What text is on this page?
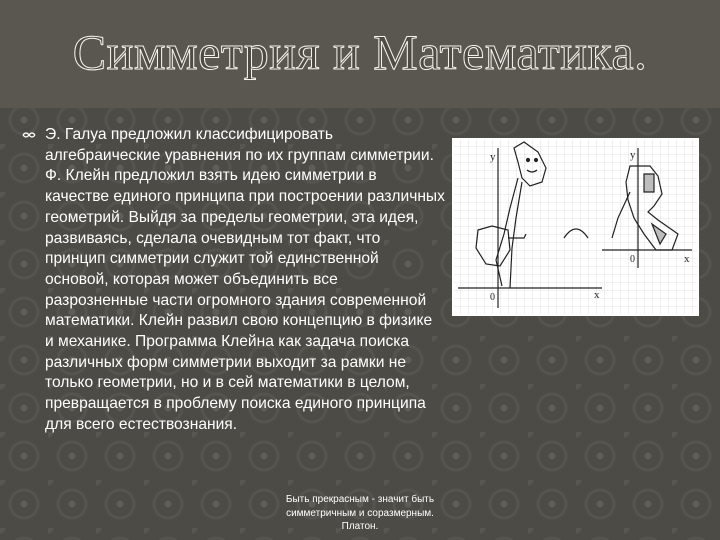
Симметрия и Математика.
Э. Галуа предложил классифицировать алгебраические уравнения по их группам симметрии. Ф. Клейн предложил взять идею симметрии в качестве единого принципа при построении различных геометрий. Выйдя за пределы геометрии, эта идея, развиваясь, сделала очевидным тот факт, что принцип симметрии служит той единственной основой, которая может объединить все разрозненные части огромного здания современной математики. Клейн развил свою концепцию в физике и механике. Программа Клейна как задача поиска различных форм симметрии выходит за рамки не только геометрии, но и в сей математики в целом, превращается в проблему поиска единого принципа для всего естествознания.
y
x
0
y
x
0
Быть прекрасным - значит быть
симметричным и соразмерным.
Платон.
